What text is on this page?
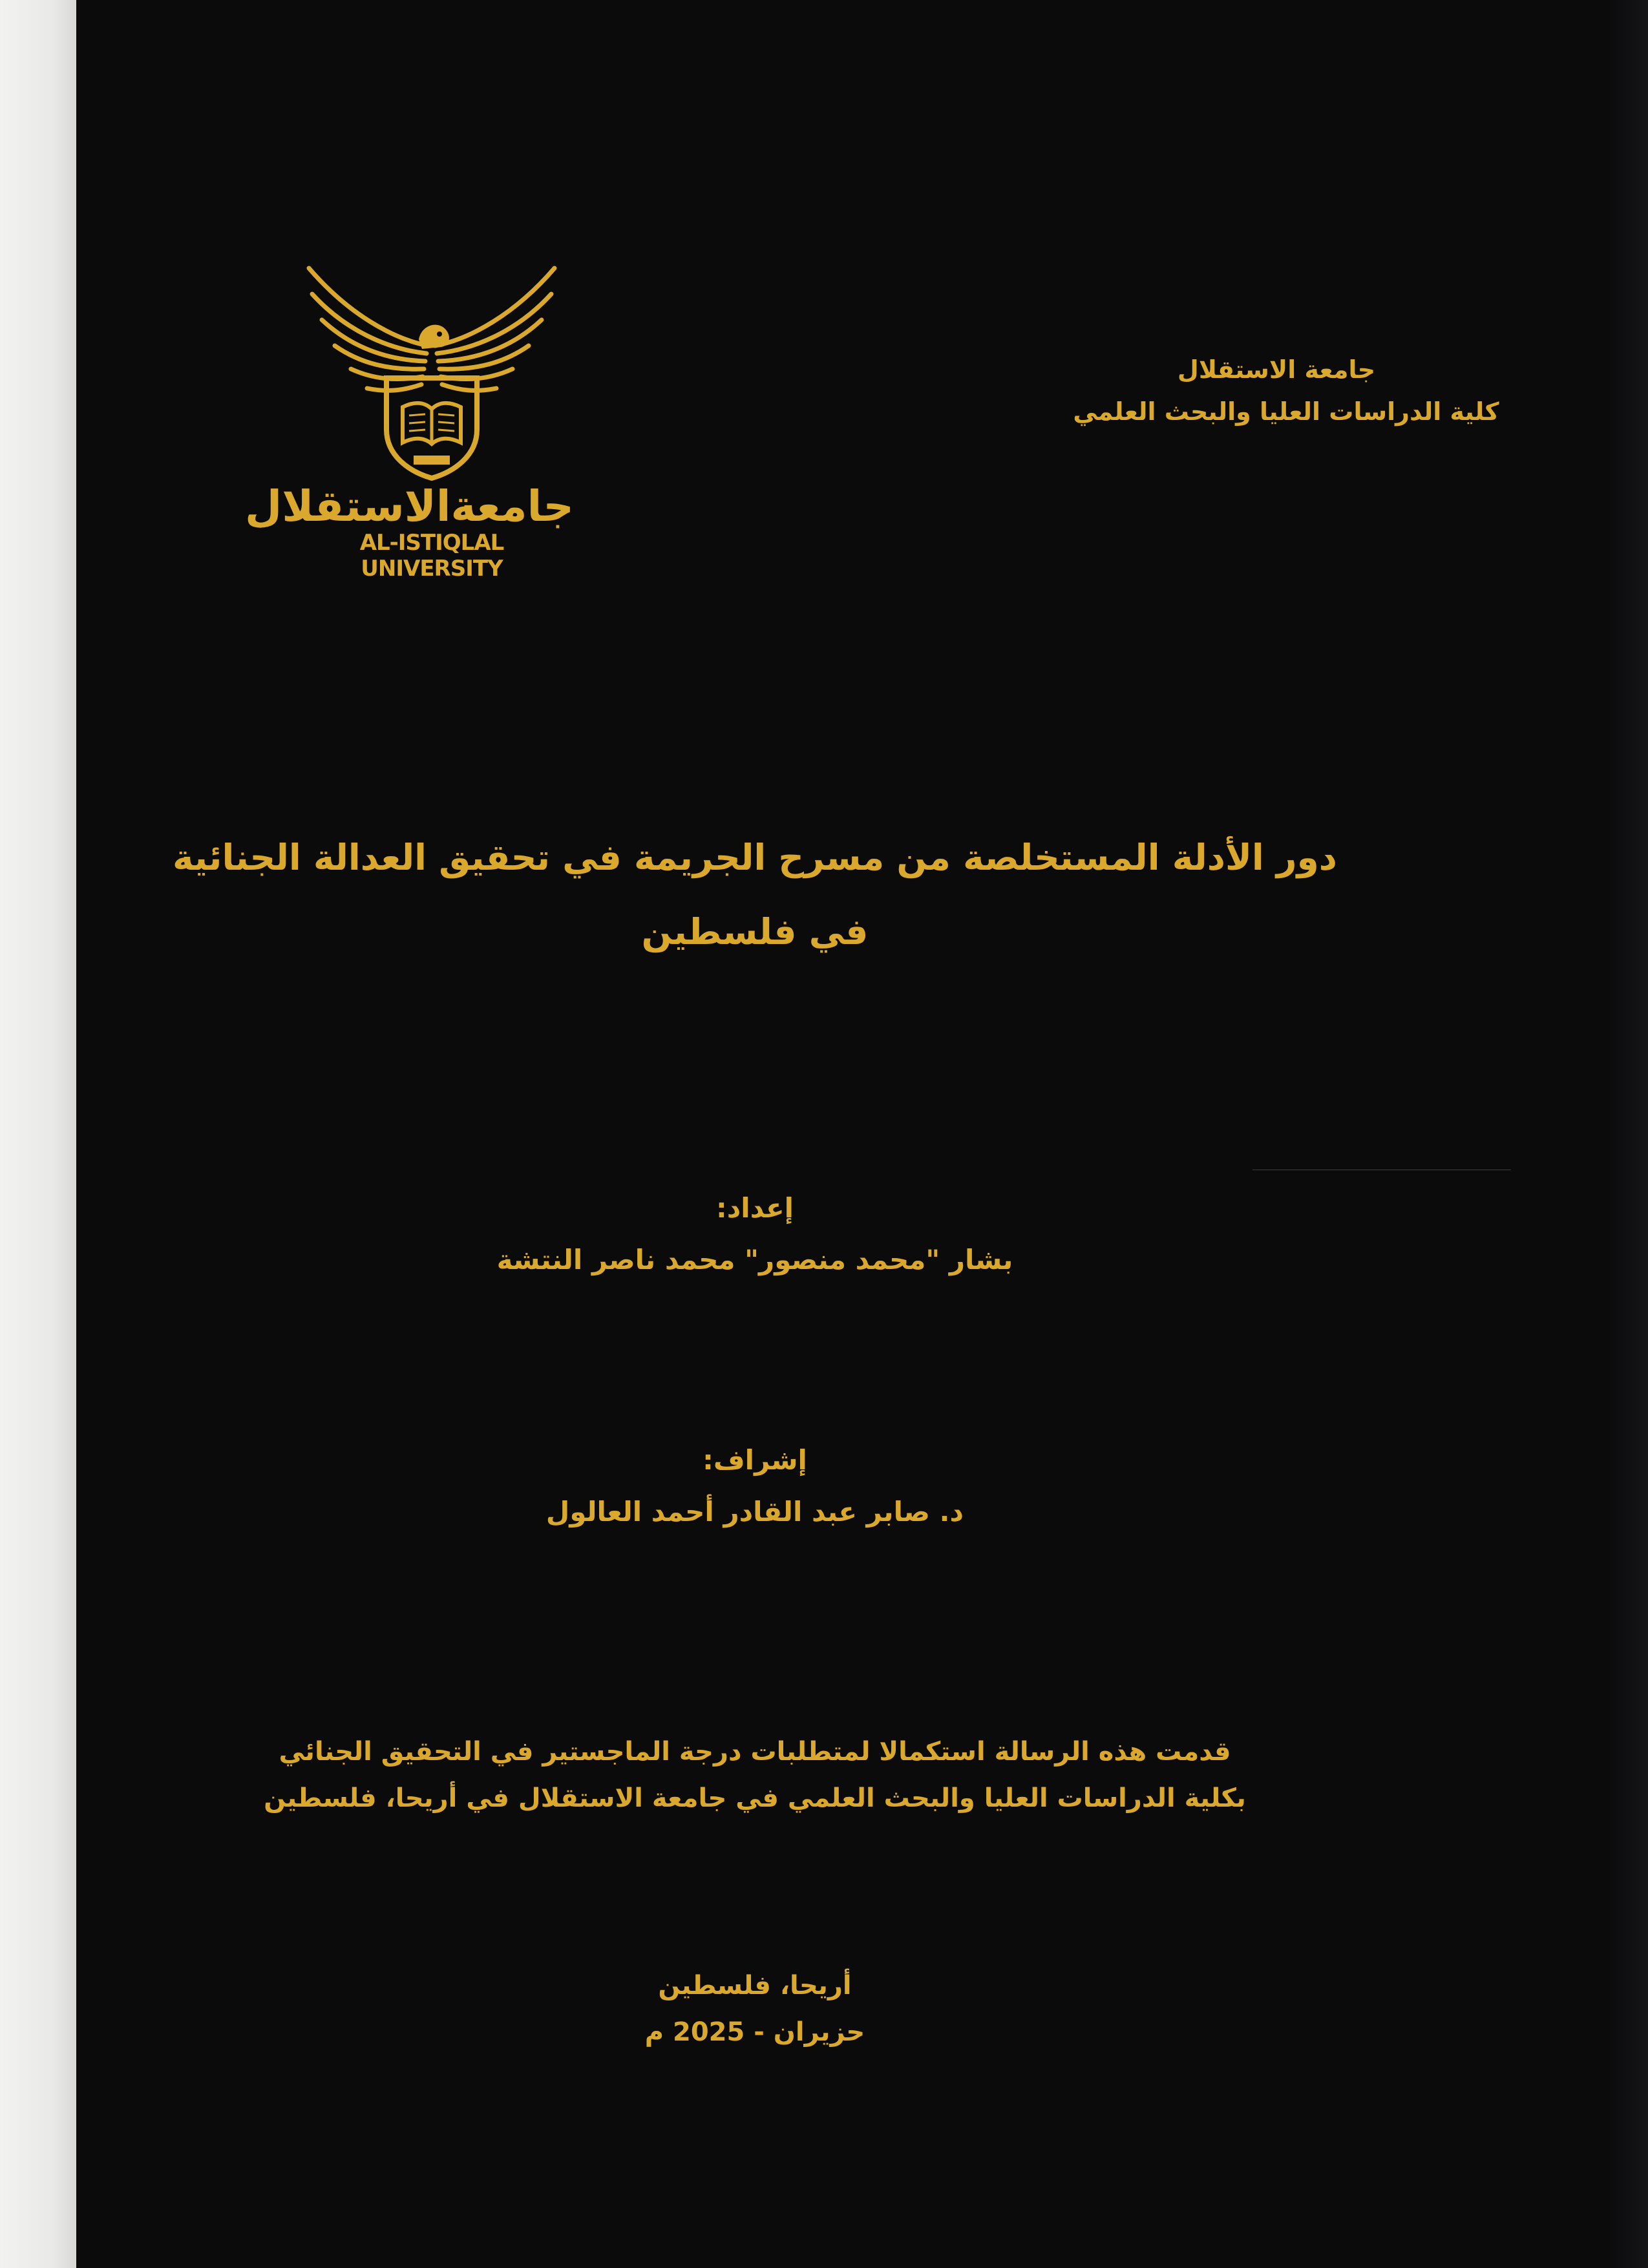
جامعةالاستقلال
AL-ISTIQLAL UNIVERSITY
جامعة الاستقلال
كلية الدراسات العليا والبحث العلمي
دور الأدلة المستخلصة من مسرح الجريمة في تحقيق العدالة الجنائية
في فلسطين
إعداد:
بشار "محمد منصور" محمد ناصر النتشة
إشراف:
د. صابر عبد القادر أحمد العالول
قدمت هذه الرسالة استكمالا لمتطلبات درجة الماجستير في التحقيق الجنائي
بكلية الدراسات العليا والبحث العلمي في جامعة الاستقلال في أريحا، فلسطين
أريحا، فلسطين
حزيران - 2025 م
